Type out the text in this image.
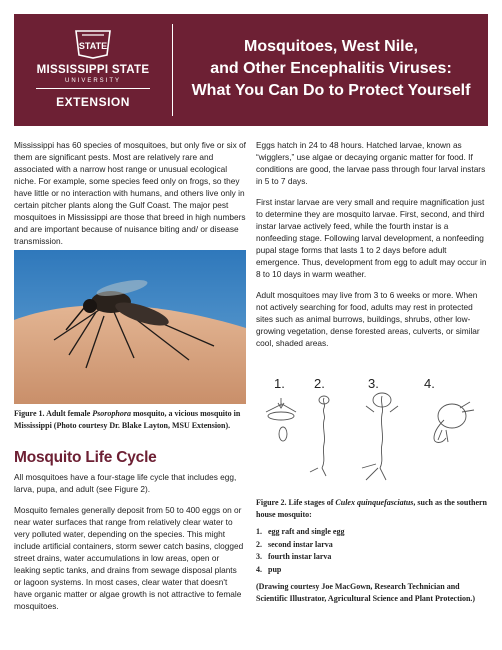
STATE
MISSISSIPPI STATE
UNIVERSITY
EXTENSION
Mosquitoes, West Nile,
and Other Encephalitis Viruses:
What You Can Do to Protect Yourself

Mississippi has 60 species of mosquitoes, but only five or six of them are significant pests. Most are relatively rare and associated with a narrow host range or unusual ecological niche. For example, some species feed only on frogs, so they have little or no interaction with humans, and others live only in certain pitcher plants along the Gulf Coast. The major pest mosquitoes in Mississippi are those that breed in high numbers and are important because of nuisance biting and/ or disease transmission.

Figure 1. Adult female Psorophora mosquito, a vicious mosquito in Mississippi (Photo courtesy Dr. Blake Layton, MSU Extension).
Mosquito Life Cycle

All mosquitoes have a four-stage life cycle that includes egg, larva, pupa, and adult (see Figure 2).

Mosquito females generally deposit from 50 to 400 eggs on or near water surfaces that range from relatively clear water to very polluted water, depending on the species. This might include artificial containers, storm sewer catch basins, clogged street drains, water accumulations in low areas, open or leaking septic tanks, and drains from sewage disposal plants or lagoon systems. In most cases, clear water that doesn't have organic matter or algae growth is not attractive to female mosquitoes.

Eggs hatch in 24 to 48 hours. Hatched larvae, known as “wigglers,” use algae or decaying organic matter for food. If conditions are good, the larvae pass through four larval instars in 5 to 7 days.

First instar larvae are very small and require magnification just to determine they are mosquito larvae. First, second, and third instar larvae actively feed, while the fourth instar is a nonfeeding stage. Following larval development, a nonfeeding pupal stage forms that lasts 1 to 2 days before adult emergence. Thus, development from egg to adult may occur in 8 to 10 days in warm weather.

Adult mosquitoes may live from 3 to 6 weeks or more. When not actively searching for food, adults may rest in protected sites such as animal burrows, buildings, shrubs, other low-growing vegetation, dense forested areas, culverts, or similar cool, shaded areas.

1. 2.	3.	4.
Figure 2. Life stages of Culex quinquefasciatus, such as the southern house mosquito:
1. egg raft and single egg
2. second instar larva
3. fourth instar larva
4. pup
(Drawing courtesy Joe MacGown, Research Technician and Scientific Illustrator, Agricultural Science and Plant Protection.)
